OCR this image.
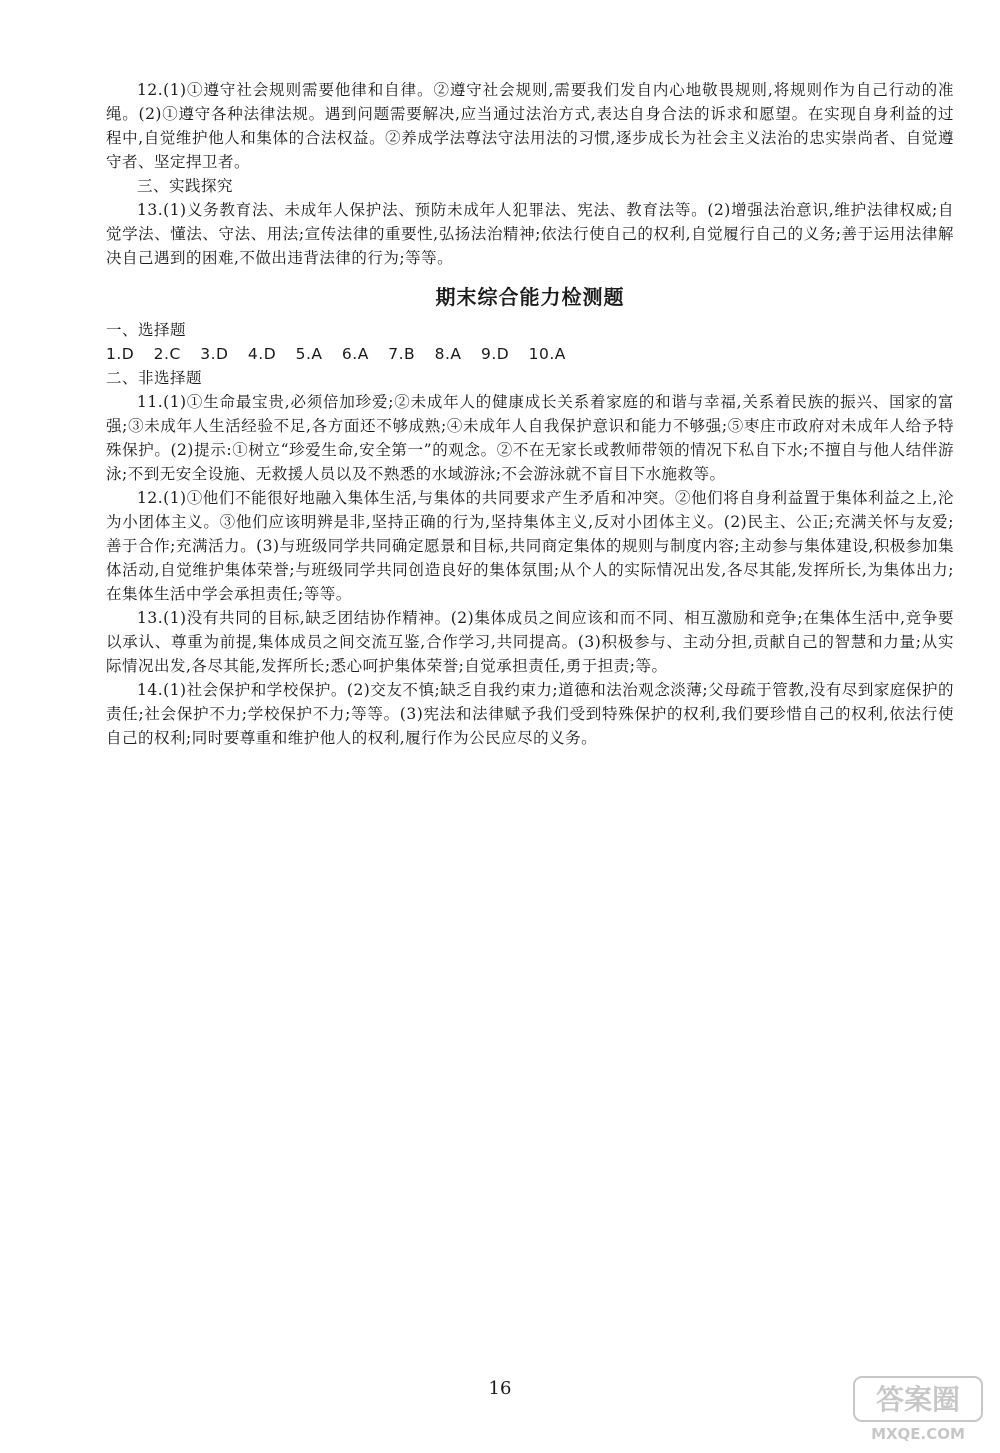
12.(1)①遵守社会规则需要他律和自律。②遵守社会规则,需要我们发自内心地敬畏规则,将规则作为自己行动的准绳。(2)①遵守各种法律法规。遇到问题需要解决,应当通过法治方式,表达自身合法的诉求和愿望。在实现自身利益的过程中,自觉维护他人和集体的合法权益。②养成学法尊法守法用法的习惯,逐步成长为社会主义法治的忠实崇尚者、自觉遵守者、坚定捍卫者。

三、实践探究

13.(1)义务教育法、未成年人保护法、预防未成年人犯罪法、宪法、教育法等。(2)增强法治意识,维护法律权威;自觉学法、懂法、守法、用法;宣传法律的重要性,弘扬法治精神;依法行使自己的权利,自觉履行自己的义务;善于运用法律解决自己遇到的困难,不做出违背法律的行为;等等。

期末综合能力检测题

一、选择题

1.D 2.C 3.D 4.D 5.A 6.A 7.B 8.A 9.D 10.A

二、非选择题

11.(1)①生命最宝贵,必须倍加珍爱;②未成年人的健康成长关系着家庭的和谐与幸福,关系着民族的振兴、国家的富强;③未成年人生活经验不足,各方面还不够成熟;④未成年人自我保护意识和能力不够强;⑤枣庄市政府对未成年人给予特殊保护。(2)提示:①树立“珍爱生命,安全第一”的观念。②不在无家长或教师带领的情况下私自下水;不擅自与他人结伴游泳;不到无安全设施、无救援人员以及不熟悉的水域游泳;不会游泳就不盲目下水施救等。

12.(1)①他们不能很好地融入集体生活,与集体的共同要求产生矛盾和冲突。②他们将自身利益置于集体利益之上,沦为小团体主义。③他们应该明辨是非,坚持正确的行为,坚持集体主义,反对小团体主义。(2)民主、公正;充满关怀与友爱;善于合作;充满活力。(3)与班级同学共同确定愿景和目标,共同商定集体的规则与制度内容;主动参与集体建设,积极参加集体活动,自觉维护集体荣誉;与班级同学共同创造良好的集体氛围;从个人的实际情况出发,各尽其能,发挥所长,为集体出力;在集体生活中学会承担责任;等等。

13.(1)没有共同的目标,缺乏团结协作精神。(2)集体成员之间应该和而不同、相互激励和竞争;在集体生活中,竞争要以承认、尊重为前提,集体成员之间交流互鉴,合作学习,共同提高。(3)积极参与、主动分担,贡献自己的智慧和力量;从实际情况出发,各尽其能,发挥所长;悉心呵护集体荣誉;自觉承担责任,勇于担责;等。

14.(1)社会保护和学校保护。(2)交友不慎;缺乏自我约束力;道德和法治观念淡薄;父母疏于管教,没有尽到家庭保护的责任;社会保护不力;学校保护不力;等等。(3)宪法和法律赋予我们受到特殊保护的权利,我们要珍惜自己的权利,依法行使自己的权利;同时要尊重和维护他人的权利,履行作为公民应尽的义务。

16	答案圈
MXQE.COM
